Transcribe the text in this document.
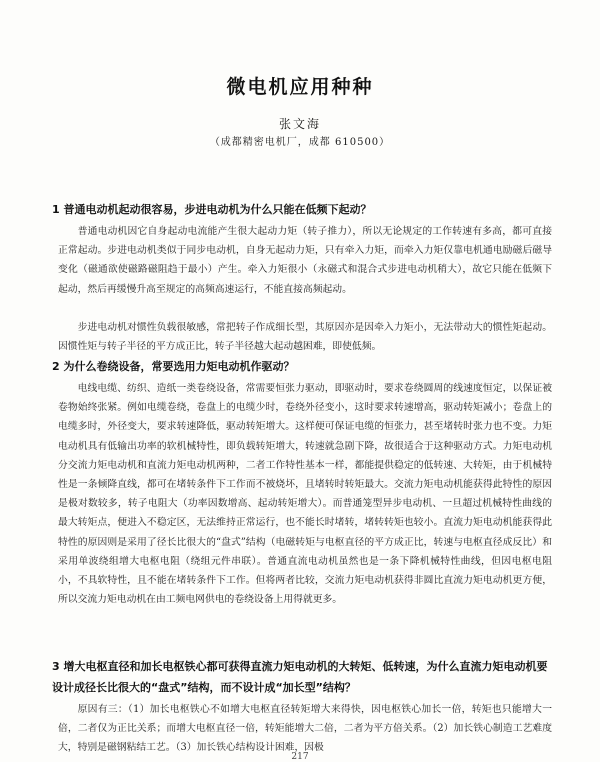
微电机应用种种
张文海
（成都精密电机厂，成都 610500）
1 普通电动机起动很容易，步进电动机为什么只能在低频下起动？

普通电动机因它自身起动电流能产生很大起动力矩（转子推力），所以无论规定的工作转速有多高，都可直接正常起动。步进电动机类似于同步电动机，自身无起动力矩，只有牵入力矩，而牵入力矩仅靠电机通电励磁后磁导变化（磁通欲使磁路磁阻趋于最小）产生。牵入力矩很小（永磁式和混合式步进电动机稍大），故它只能在低频下起动，然后再缓慢升高至规定的高频高速运行，不能直接高频起动。

步进电动机对惯性负载很敏感，常把转子作成细长型，其原因亦是因牵入力矩小，无法带动大的惯性矩起动。因惯性矩与转子半径的平方成正比，转子半径越大起动越困难，即使低频。

2 为什么卷绕设备，常要选用力矩电动机作驱动？

电线电缆、纺织、造纸一类卷绕设备，常需要恒张力驱动，即驱动时，要求卷绕圆周的线速度恒定，以保证被卷物始终张紧。例如电缆卷绕，卷盘上的电缆少时，卷绕外径变小，这时要求转速增高，驱动转矩减小；卷盘上的电缆多时，外径变大，要求转速降低，驱动转矩增大。这样便可保证电缆的恒张力，甚至堵转时张力也不变。力矩电动机具有低输出功率的软机械特性，即负载转矩增大，转速就急剧下降，故很适合于这种驱动方式。力矩电动机分交流力矩电动机和直流力矩电动机两种，二者工作特性基本一样，都能提供稳定的低转速、大转矩，由于机械特性是一条倾降直线，都可在堵转条件下工作而不被烧坏，且堵转时转矩最大。交流力矩电动机能获得此特性的原因是极对数较多，转子电阻大（功率因数增高、起动转矩增大）。而普通笼型异步电动机、一旦超过机械特性曲线的最大转矩点，便进入不稳定区，无法维持正常运行，也不能长时堵转，堵转转矩也较小。直流力矩电动机能获得此特性的原因则是采用了径长比很大的“盘式”结构（电磁转矩与电枢直径的平方成正比，转速与电枢直径成反比）和采用单波绕组增大电枢电阻（绕组元件串联）。普通直流电动机虽然也是一条下降机械特性曲线，但因电枢电阻小，不具软特性，且不能在堵转条件下工作。但将两者比较，交流力矩电动机获得非圆比直流力矩电动机更方便，所以交流力矩电动机在由工频电网供电的卷绕设备上用得就更多。

3 增大电枢直径和加长电枢铁心都可获得直流力矩电动机的大转矩、低转速，为什么直流力矩电动机要设计成径长比很大的“盘式”结构，而不设计成“加长型”结构？

原因有三：（1）加长电枢铁心不如增大电枢直径转矩增大来得快，因电枢铁心加长一倍，转矩也只能增大一倍，二者仅为正比关系；而增大电枢直径一倍，转矩能增大二倍，二者为平方倍关系。（2）加长铁心制造工艺难度大，特别是磁钢粘结工艺。（3）加长铁心结构设计困难，因极

217
